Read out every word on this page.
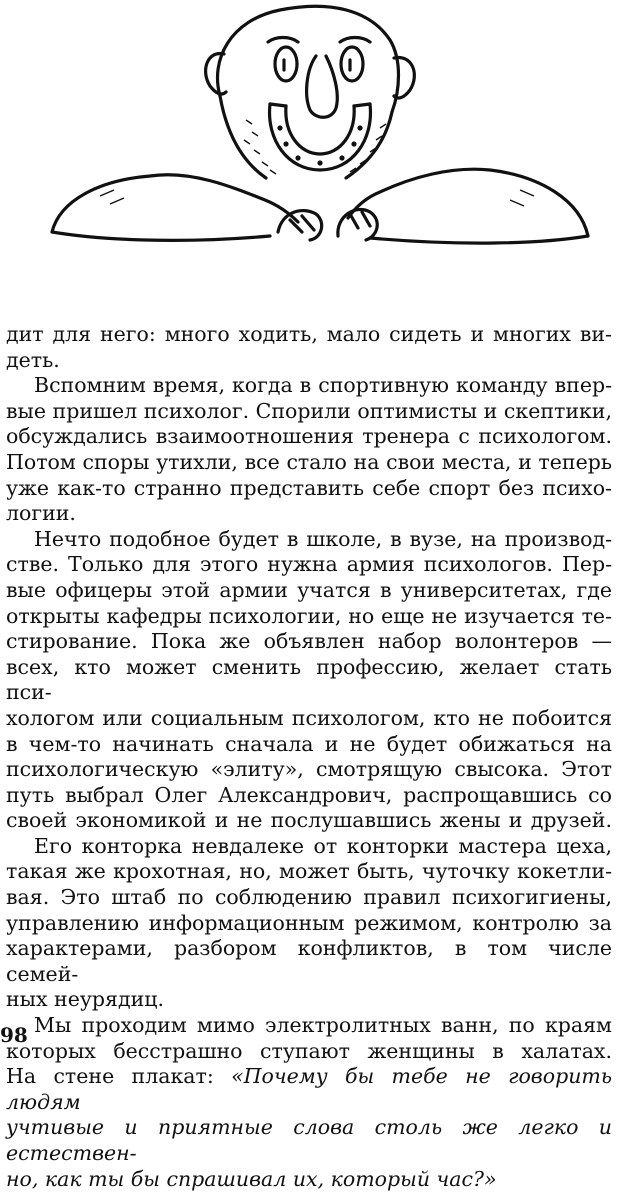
дит для него: много ходить, мало сидеть и многих ви-

деть.

Вспомним время, когда в спортивную команду впер-

вые пришел психолог. Спорили оптимисты и скептики,

обсуждались взаимоотношения тренера с психологом.

Потом споры утихли, все стало на свои места, и теперь

уже как-то странно представить себе спорт без психо-

логии.

Нечто подобное будет в школе, в вузе, на производ-

стве. Только для этого нужна армия психологов. Пер-

вые офицеры этой армии учатся в университетах, где

открыты кафедры психологии, но еще не изучается те-

стирование. Пока же объявлен набор волонтеров —

всех, кто может сменить профессию, желает стать пси-

хологом или социальным психологом, кто не побоится

в чем-то начинать сначала и не будет обижаться на

психологическую «элиту», смотрящую свысока. Этот

путь выбрал Олег Александрович, распрощавшись со

своей экономикой и не послушавшись жены и друзей.

Его конторка невдалеке от конторки мастера цеха,

такая же крохотная, но, может быть, чуточку кокетли-

вая. Это штаб по соблюдению правил психогигиены,

управлению информационным режимом, контролю за

характерами, разбором конфликтов, в том числе семей-

ных неурядиц.

Мы проходим мимо электролитных ванн, по краям

которых бесстрашно ступают женщины в халатах.

На стене плакат: «Почему бы тебе не говорить людям

учтивые и приятные слова столь же легко и естествен-

но, как ты бы спрашивал их, который час?»

98
